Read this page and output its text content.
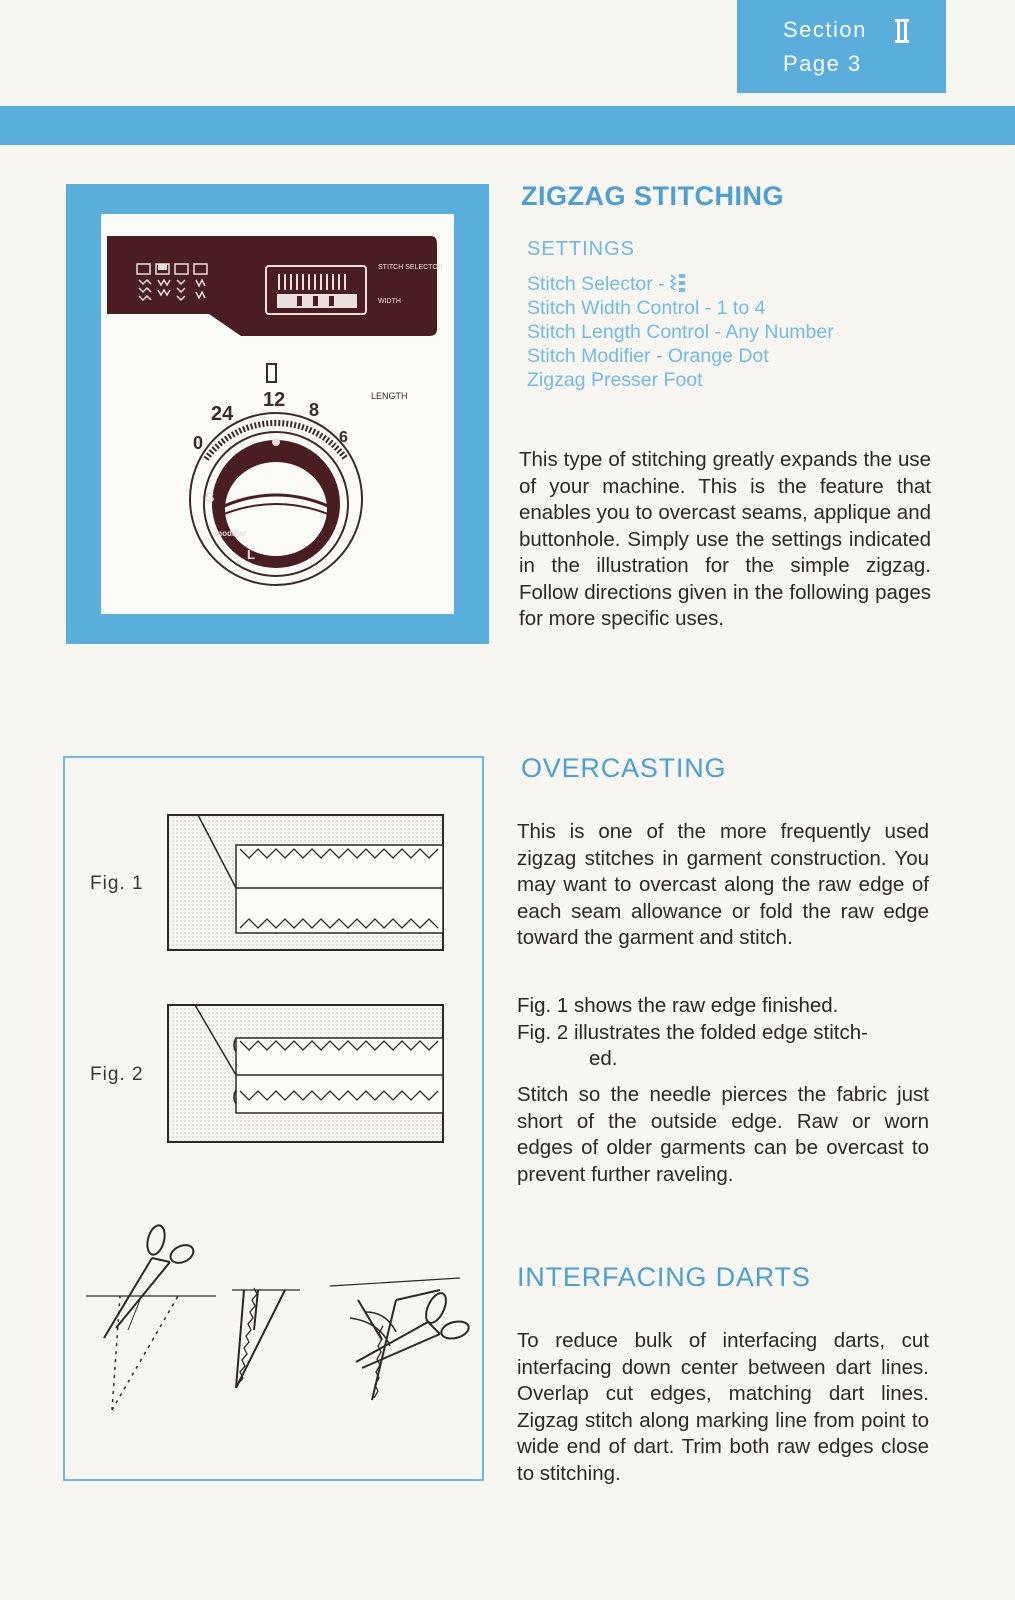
Section
Page 3
STITCH SELECTOR
WIDTH
LENGTH
0
24
12 8
6
S
L
modifier
ZIGZAG STITCHING
SETTINGS
Stitch Selector -
Stitch Width Control - 1 to 4
Stitch Length Control - Any Number
Stitch Modifier - Orange Dot
Zigzag Presser Foot
This type of stitching greatly expands the use of your machine. This is the feature that enables you to overcast seams, applique and buttonhole. Simply use the settings indicated in the illustration for the simple zigzag. Follow directions given in the following pages for more specific uses.
Fig. 1
Fig. 2
OVERCASTING
This is one of the more frequently used zigzag stitches in garment construction. You may want to overcast along the raw edge of each seam allowance or fold the raw edge toward the garment and stitch.
Fig. 1 shows the raw edge finished.
Fig. 2 illustrates the folded edge stitch-
ed.
Stitch so the needle pierces the fabric just short of the outside edge. Raw or worn edges of older garments can be overcast to prevent further raveling.
INTERFACING DARTS
To reduce bulk of interfacing darts, cut interfacing down center between dart lines. Overlap cut edges, matching dart lines. Zigzag stitch along marking line from point to wide end of dart. Trim both raw edges close to stitching.
